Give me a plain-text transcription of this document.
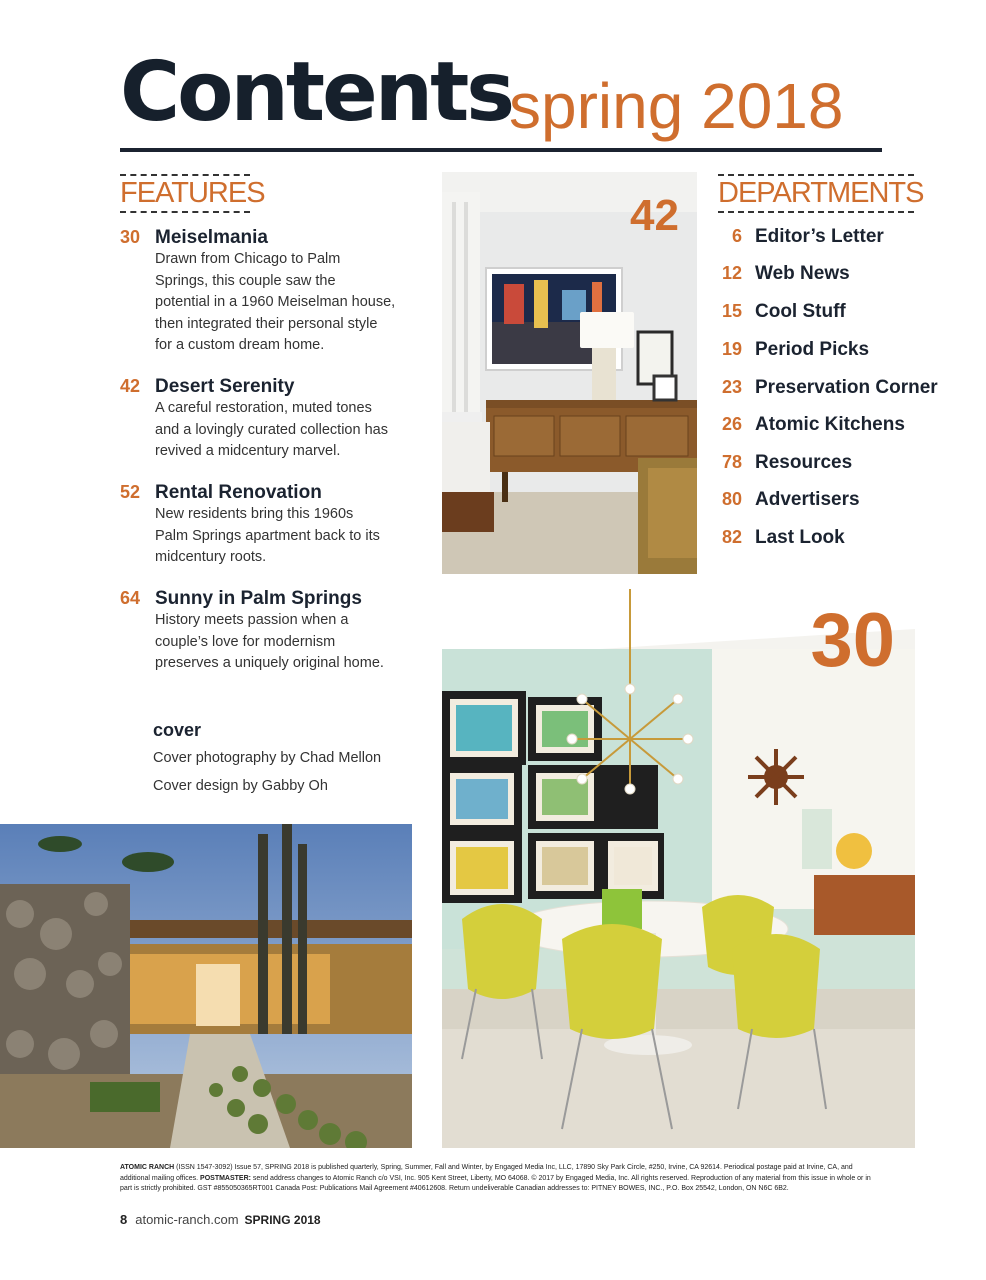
Contents
spring 2018
FEATURES
30 Meiselmania
Drawn from Chicago to Palm
Springs, this couple saw the
potential in a 1960 Meiselman house,
then integrated their personal style
for a custom dream home.
42 Desert Serenity
A careful restoration, muted tones
and a lovingly curated collection has
revived a midcentury marvel.
52 Rental Renovation
New residents bring this 1960s
Palm Springs apartment back to its
midcentury roots.
64 Sunny in Palm Springs
History meets passion when a
couple’s love for modernism
preserves a uniquely original home.
cover
Cover photography by Chad Mellon
Cover design by Gabby Oh
DEPARTMENTS
6 Editor’s Letter
12 Web News
15 Cool Stuff
19 Period Picks
23 Preservation Corner
26 Atomic Kitchens
78 Resources
80 Advertisers
82 Last Look
42
30
ATOMIC RANCH (ISSN 1547-3092) Issue 57, SPRING 2018 is published quarterly, Spring, Summer, Fall and Winter, by Engaged Media Inc, LLC, 17890 Sky Park Circle, #250, Irvine, CA 92614. Periodical postage paid at Irvine, CA, and additional mailing offices. POSTMASTER: send address changes to Atomic Ranch c/o VSI, Inc. 905 Kent Street, Liberty, MO 64068. © 2017 by Engaged Media, Inc. All rights reserved. Reproduction of any material from this issue in whole or in part is strictly prohibited. GST #855050365RT001 Canada Post: Publications Mail Agreement #40612608. Return undeliverable Canadian addresses to: PITNEY BOWES, INC., P.O. Box 25542, London, ON N6C 6B2.
8 atomic-ranch.com SPRING 2018
